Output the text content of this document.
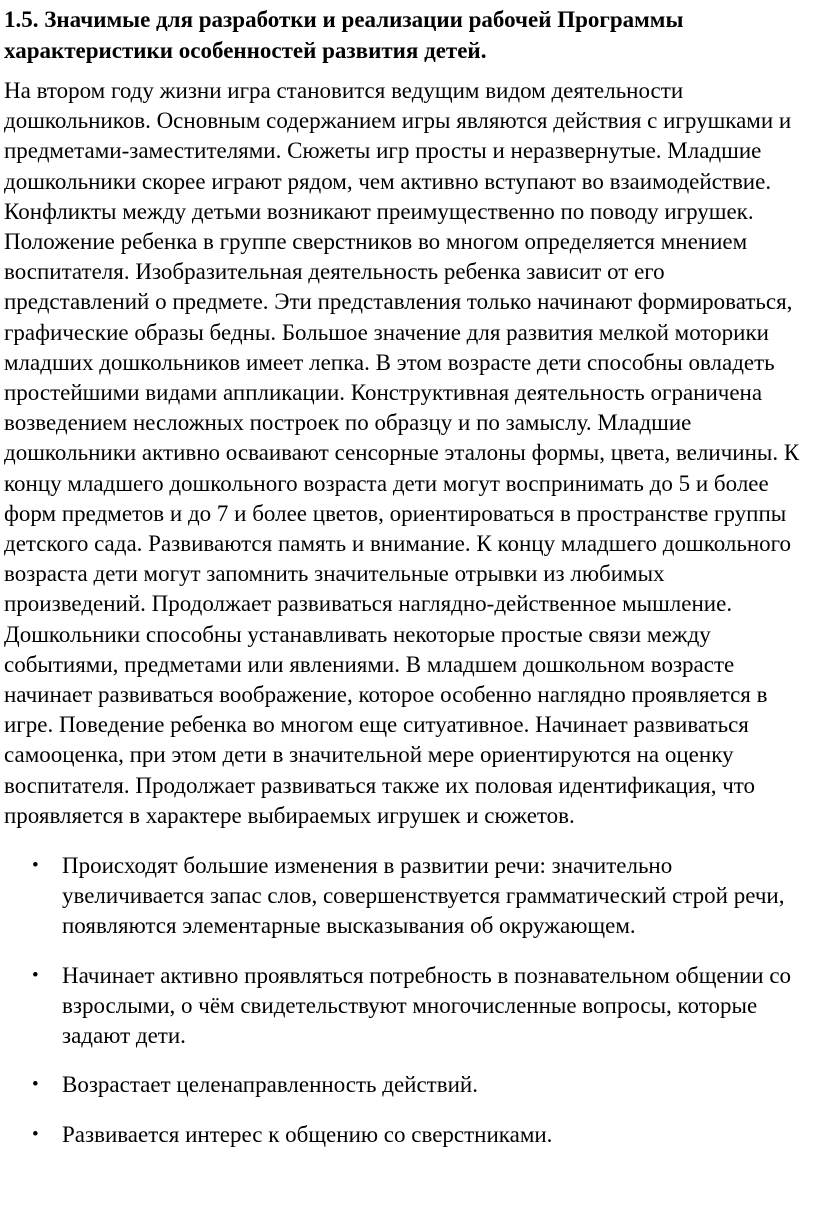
1.5. Значимые для разработки и реализации рабочей Программы характеристики особенностей развития детей.

На втором году жизни игра становится ведущим видом деятельности дошкольников. Основным содержанием игры являются действия с игрушками и предметами-заместителями. Сюжеты игр просты и неразвернутые. Младшие дошкольники скорее играют рядом, чем активно вступают во взаимодействие. Конфликты между детьми возникают преимущественно по поводу игрушек. Положение ребенка в группе сверстников во многом определяется мнением воспитателя. Изобразительная деятельность ребенка зависит от его представлений о предмете. Эти представления только начинают формироваться, графические образы бедны. Большое значение для развития мелкой моторики младших дошкольников имеет лепка. В этом возрасте дети способны овладеть простейшими видами аппликации. Конструктивная деятельность ограничена возведением несложных построек по образцу и по замыслу. Младшие дошкольники активно осваивают сенсорные эталоны формы, цвета, величины. К концу младшего дошкольного возраста дети могут воспринимать до 5 и более форм предметов и до 7 и более цветов, ориентироваться в пространстве группы детского сада. Развиваются память и внимание. К концу младшего дошкольного возраста дети могут запомнить значительные отрывки из любимых произведений. Продолжает развиваться наглядно-действенное мышление. Дошкольники способны устанавливать некоторые простые связи между событиями, предметами или явлениями. В младшем дошкольном возрасте начинает развиваться воображение, которое особенно наглядно проявляется в игре. Поведение ребенка во многом еще ситуативное. Начинает развиваться самооценка, при этом дети в значительной мере ориентируются на оценку воспитателя. Продолжает развиваться также их половая идентификация, что проявляется в характере выбираемых игрушек и сюжетов.

• Происходят большие изменения в развитии речи: значительно увеличивается запас слов, совершенствуется грамматический строй речи, появляются элементарные высказывания об окружающем.
• Начинает активно проявляться потребность в познавательном общении со взрослыми, о чём свидетельствуют многочисленные вопросы, которые задают дети.
• Возрастает целенаправленность действий.
• Развивается интерес к общению со сверстниками.
